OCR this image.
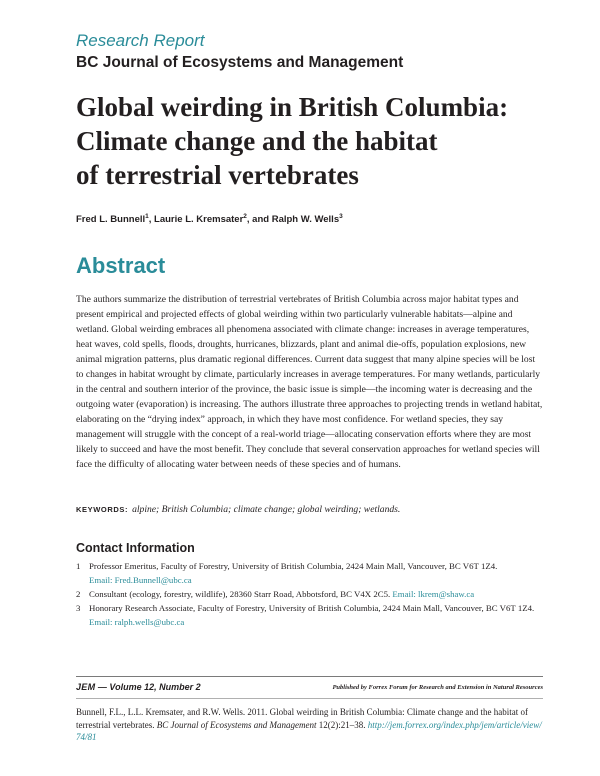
Research Report
BC Journal of Ecosystems and Management
Global weirding in British Columbia:
Climate change and the habitat
of terrestrial vertebrates
Fred L. Bunnell$^1$, Laurie L. Kremsater$^2$, and Ralph W. Wells$^3$
Abstract

The authors summarize the distribution of terrestrial vertebrates of British Columbia across major habitat types and present empirical and projected effects of global weirding within two particularly vulnerable habitats—alpine and wetland. Global weirding embraces all phenomena associated with climate change: increases in average temperatures, heat waves, cold spells, floods, droughts, hurricanes, blizzards, plant and animal die-offs, population explosions, new animal migration patterns, plus dramatic regional differences. Current data suggest that many alpine species will be lost to changes in habitat wrought by climate, particularly increases in average temperatures. For many wetlands, particularly in the central and southern interior of the province, the basic issue is simple—the incoming water is decreasing and the outgoing water (evaporation) is increasing. The authors illustrate three approaches to projecting trends in wetland habitat, elaborating on the “drying index” approach, in which they have most confidence. For wetland species, they say management will struggle with the concept of a real-world triage—allocating conservation efforts where they are most likely to succeed and have the most benefit. They conclude that several conservation approaches for wetland species will face the difficulty of allocating water between needs of these species and of humans.

KEYWORDS: alpine; British Columbia; climate change; global weirding; wetlands.
Contact Information
1 Professor Emeritus, Faculty of Forestry, University of British Columbia, 2424 Main Mall, Vancouver, BC V6T 1Z4.
Email: Fred.Bunnell@ubc.ca
2 Consultant (ecology, forestry, wildlife), 28360 Starr Road, Abbotsford, BC V4X 2C5. Email: lkrem@shaw.ca
3 Honorary Research Associate, Faculty of Forestry, University of British Columbia, 2424 Main Mall, Vancouver, BC V6T 1Z4. Email: ralph.wells@ubc.ca
JEM — Volume 12, Number 2	Published by Forrex Forum for Research and Extension in Natural Resources
Bunnell, F.L., L.L. Kremsater, and R.W. Wells. 2011. Global weirding in British Columbia: Climate change and the habitat of terrestrial vertebrates. BC Journal of Ecosystems and Management 12(2):21–38. http://jem.forrex.org/index.php/jem/article/view/74/81
